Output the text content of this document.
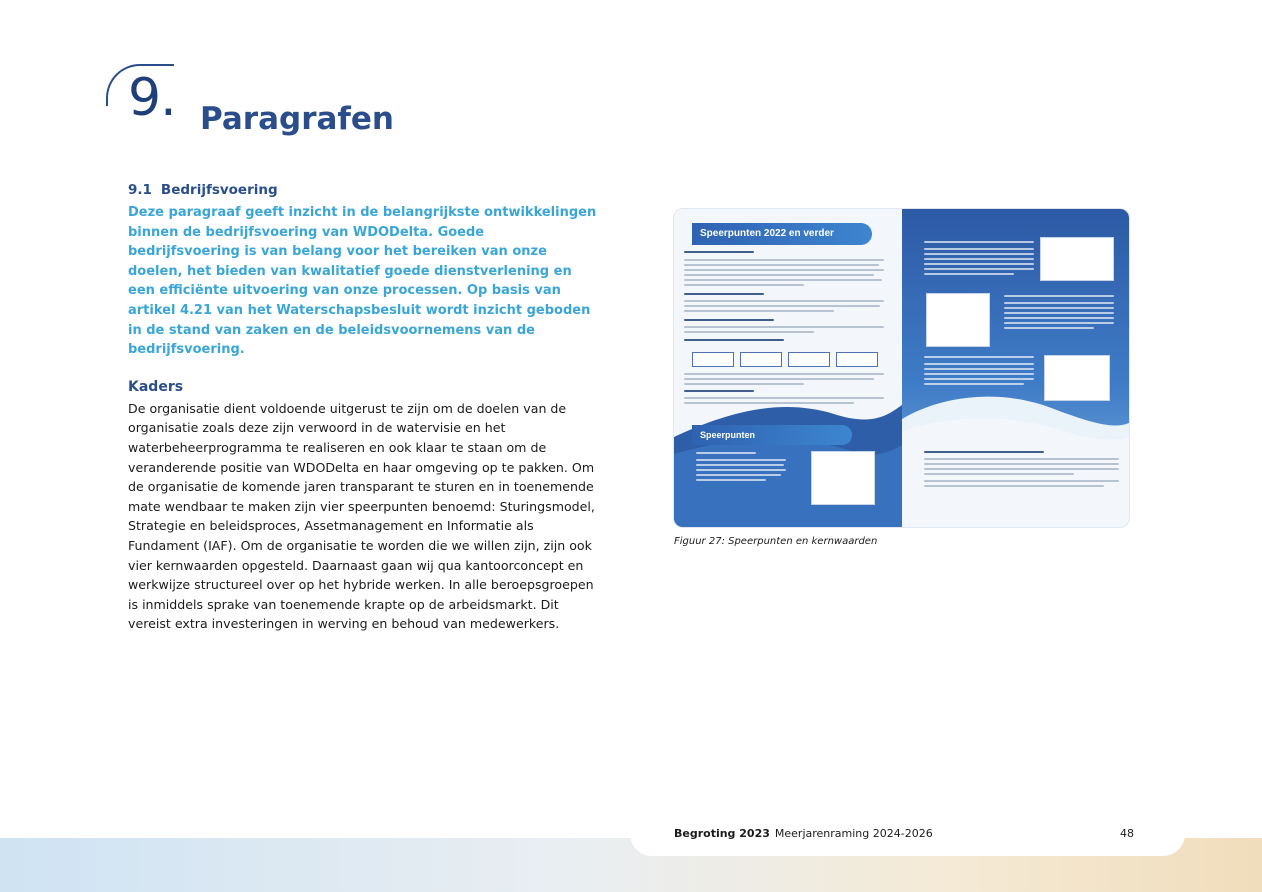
9. Paragrafen
9.1 Bedrijfsvoering

Deze paragraaf geeft inzicht in de belangrijkste ontwikkelingen binnen de bedrijfsvoering van WDODelta. Goede bedrijfsvoering is van belang voor het bereiken van onze doelen, het bieden van kwalitatief goede dienstverlening en een efficiënte uitvoering van onze processen. Op basis van artikel 4.21 van het Waterschapsbesluit wordt inzicht geboden in de stand van zaken en de beleidsvoornemens van de bedrijfsvoering.

Kaders

De organisatie dient voldoende uitgerust te zijn om de doelen van de organisatie zoals deze zijn verwoord in de watervisie en het waterbeheerprogramma te realiseren en ook klaar te staan om de veranderende positie van WDODelta en haar omgeving op te pakken. Om de organisatie de komende jaren transparant te sturen en in toenemende mate wendbaar te maken zijn vier speerpunten benoemd: Sturingsmodel, Strategie en beleidsproces, Assetmanagement en Informatie als Fundament (IAF). Om de organisatie te worden die we willen zijn, zijn ook vier kernwaarden opgesteld. Daarnaast gaan wij qua kantoorconcept en werkwijze structureel over op het hybride werken. In alle beroepsgroepen is inmiddels sprake van toenemende krapte op de arbeidsmarkt. Dit vereist extra investeringen in werving en behoud van medewerkers.

Speerpunten 2022 en verder
Speerpunten
Figuur 27: Speerpunten en kernwaarden
Begroting 2023 Meerjarenraming 2024-2026	48
